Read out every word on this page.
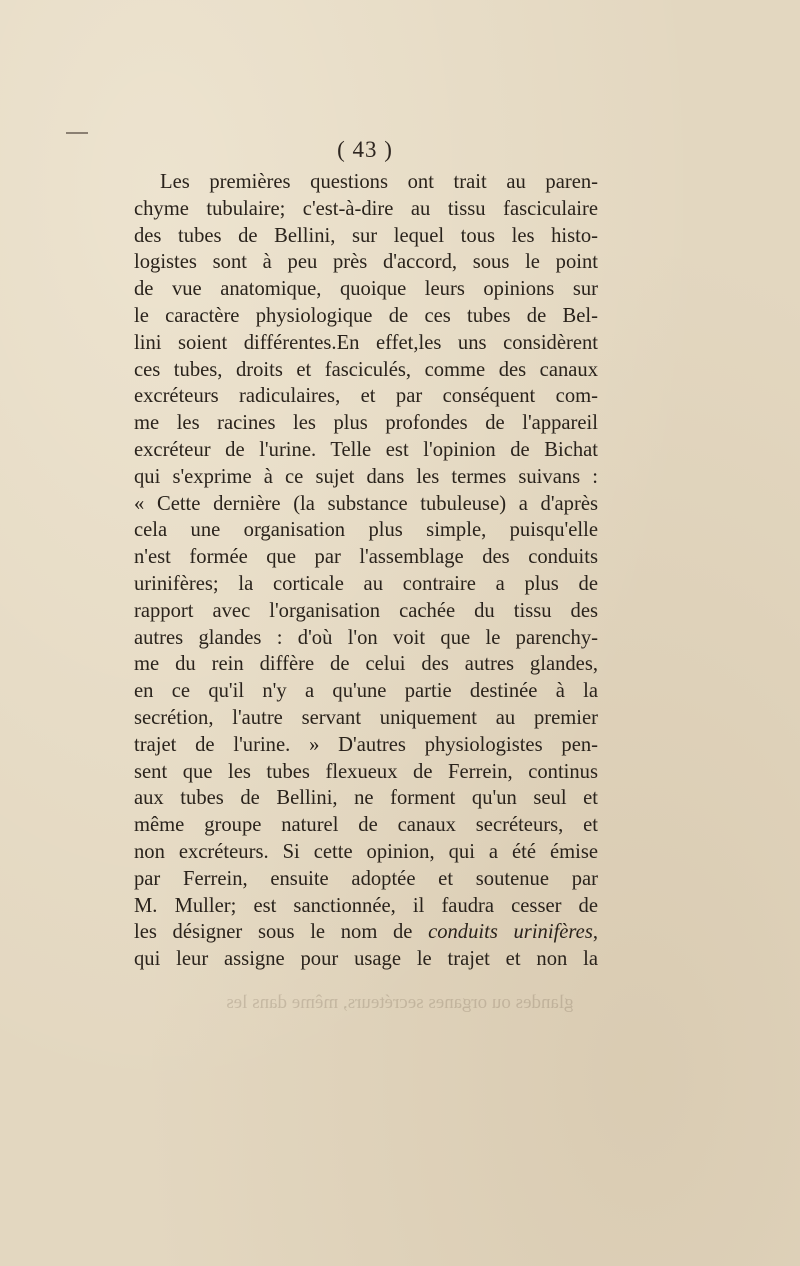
( 43 )
Les premières questions ont trait au paren-
chyme tubulaire; c'est-à-dire au tissu fasciculaire
des tubes de Bellini, sur lequel tous les histo-
logistes sont à peu près d'accord, sous le point
de vue anatomique, quoique leurs opinions sur
le caractère physiologique de ces tubes de Bel-
lini soient différentes.En effet,les uns considèrent
ces tubes, droits et fasciculés, comme des canaux
excréteurs radiculaires, et par conséquent com-
me les racines les plus profondes de l'appareil
excréteur de l'urine. Telle est l'opinion de Bichat
qui s'exprime à ce sujet dans les termes suivans :
« Cette dernière (la substance tubuleuse) a d'après
cela une organisation plus simple, puisqu'elle
n'est formée que par l'assemblage des conduits
urinifères; la corticale au contraire a plus de
rapport avec l'organisation cachée du tissu des
autres glandes : d'où l'on voit que le parenchy-
me du rein diffère de celui des autres glandes,
en ce qu'il n'y a qu'une partie destinée à la
secrétion, l'autre servant uniquement au premier
trajet de l'urine. » D'autres physiologistes pen-
sent que les tubes flexueux de Ferrein, continus
aux tubes de Bellini, ne forment qu'un seul et
même groupe naturel de canaux secréteurs, et
non excréteurs. Si cette opinion, qui a été émise
par Ferrein, ensuite adoptée et soutenue par
M. Muller; est sanctionnée, il faudra cesser de
les désigner sous le nom de conduits urinifères,
qui leur assigne pour usage le trajet et non la
glandes ou organes secréteurs, même dans les
